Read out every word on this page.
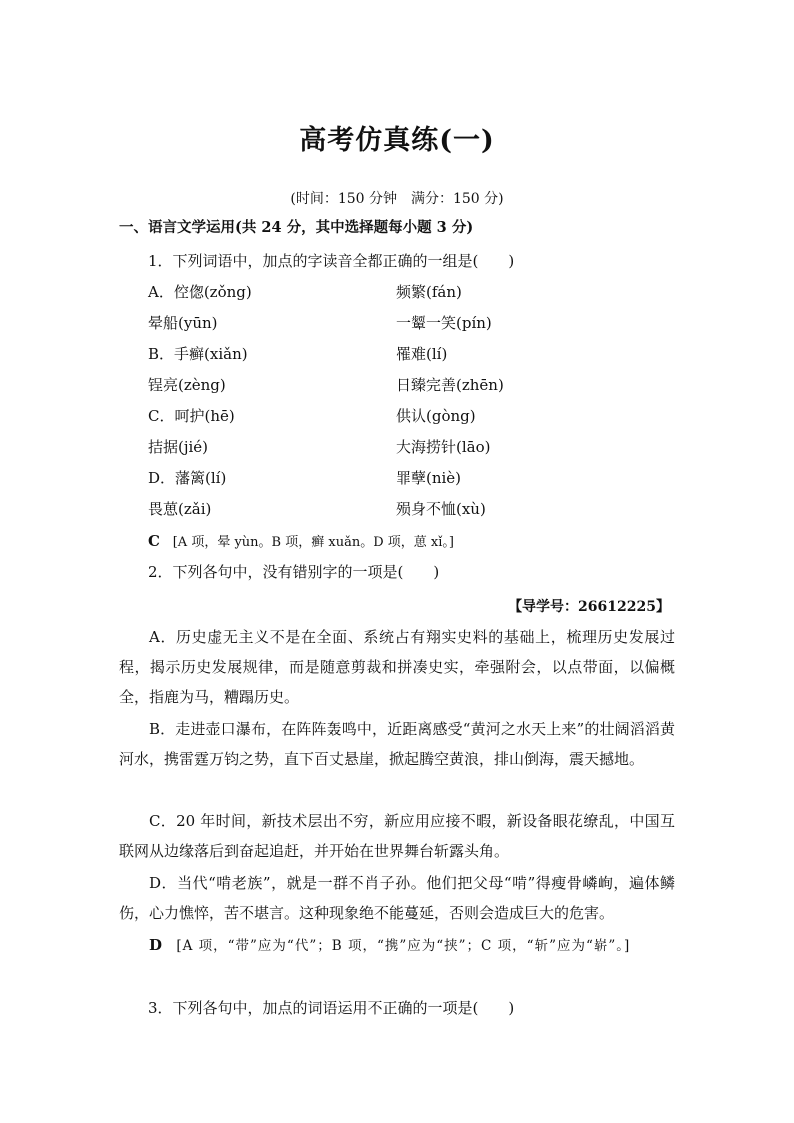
高考仿真练(一)
(时间：150 分钟　满分：150 分)
一、语言文学运用(共 24 分，其中选择题每小题 3 分)
1．下列词语中，加点的字读音全都正确的一组是(　　)
A．倥偬(zǒng)	频繁(fán)
晕船(yūn)	一颦一笑(pín)
B．手癣(xiǎn)	罹难(lí)
锃亮(zèng)	日臻完善(zhēn)
C．呵护(hē)	供认(gòng)
拮据(jié)	大海捞针(lāo)
D．藩篱(lí)	罪孽(niè)
畏葸(zǎi)	殒身不恤(xù)
C [A 项，晕 yùn。B 项，癣 xuǎn。D 项，葸 xǐ。]
2．下列各句中，没有错别字的一项是(　　)
【导学号：26612225】
A．历史虚无主义不是在全面、系统占有翔实史料的基础上，梳理历史发展过程，揭示历史发展规律，而是随意剪裁和拼凑史实，牵强附会，以点带面，以偏概全，指鹿为马，糟蹋历史。
B．走进壶口瀑布，在阵阵轰鸣中，近距离感受“黄河之水天上来”的壮阔滔滔黄河水，携雷霆万钧之势，直下百丈悬崖，掀起腾空黄浪，排山倒海，震天撼地。
C．20 年时间，新技术层出不穷，新应用应接不暇，新设备眼花缭乱，中国互联网从边缘落后到奋起追赶，并开始在世界舞台斩露头角。
D．当代“啃老族”，就是一群不肖子孙。他们把父母“啃”得瘦骨嶙峋，遍体鳞伤，心力憔悴，苦不堪言。这种现象绝不能蔓延，否则会造成巨大的危害。
D [A 项，“带”应为“代”；B 项，“携”应为“挟”；C 项，“斩”应为“崭”。]
3．下列各句中，加点的词语运用不正确的一项是(　　)
